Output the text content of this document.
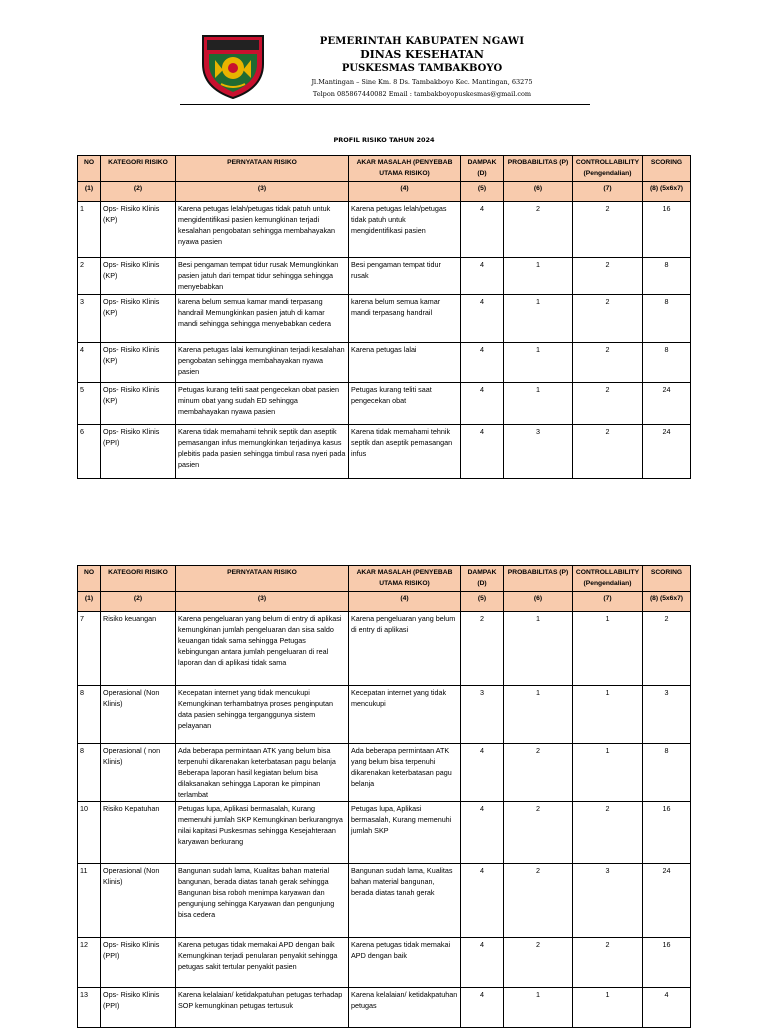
PEMERINTAH KABUPATEN NGAWI
DINAS KESEHATAN
PUSKESMAS TAMBAKBOYO
Jl.Mantingan – Sine Km. 8 Ds. Tambakboyo Kec. Mantingan, 63275
Telpon 085867440082 Email : tambakboyopuskesmas@gmail.com
PROFIL RISIKO TAHUN 2024
NO	KATEGORI RISIKO	PERNYATAAN RISIKO	AKAR MASALAH (PENYEBAB UTAMA RISIKO)	DAMPAK (D)	PROBABILITAS (P)	CONTROLLABILITY (Pengendalian)	SCORING
(1)	(2)	(3)	(4)	(5)	(6)	(7)	(8) (5x6x7)
1	Ops- Risiko Klinis (KP)	Karena petugas lelah/petugas tidak patuh untuk mengidentifikasi pasien kemungkinan terjadi kesalahan pengobatan sehingga membahayakan nyawa pasien	Karena petugas lelah/petugas tidak patuh untuk mengidentifikasi pasien	4	2	2	16
2	Ops- Risiko Klinis (KP)	Besi pengaman tempat tidur rusak Memungkinkan pasien jatuh dari tempat tidur sehingga sehingga menyebabkan	Besi pengaman tempat tidur rusak	4	1	2	8
3	Ops- Risiko Klinis (KP)	karena belum semua kamar mandi terpasang handrail Memungkinkan pasien jatuh di kamar mandi sehingga sehingga menyebabkan cedera	karena belum semua kamar mandi terpasang handrail	4	1	2	8
4	Ops- Risiko Klinis (KP)	Karena petugas lalai kemungkinan terjadi kesalahan pengobatan sehingga membahayakan nyawa pasien	Karena petugas lalai	4	1	2	8
5	Ops- Risiko Klinis (KP)	Petugas kurang teliti saat pengecekan obat pasien minum obat yang sudah ED sehingga membahayakan nyawa pasien	Petugas kurang teliti saat pengecekan obat	4	1	2	24
6	Ops- Risiko Klinis (PPI)	Karena tidak memahami tehnik septik dan aseptik pemasangan infus memungkinkan terjadinya kasus plebitis pada pasien sehingga timbul rasa nyeri pada pasien	Karena tidak memahami tehnik septik dan aseptik pemasangan infus	4	3	2	24
NO	KATEGORI RISIKO	PERNYATAAN RISIKO	AKAR MASALAH (PENYEBAB UTAMA RISIKO)	DAMPAK (D)	PROBABILITAS (P)	CONTROLLABILITY (Pengendalian)	SCORING
(1)	(2)	(3)	(4)	(5)	(6)	(7)	(8) (5x6x7)
7	Risiko keuangan	Karena pengeluaran yang belum di entry di aplikasi kemungkinan jumlah pengeluaran dan sisa saldo keuangan tidak sama sehingga Petugas kebingungan antara jumlah pengeluaran di real laporan dan di aplikasi tidak sama	Karena pengeluaran yang belum di entry di aplikasi	2	1	1	2
8	Operasional (Non Klinis)	Kecepatan internet yang tidak mencukupi Kemungkinan terhambatnya proses penginputan data pasien sehingga terganggunya sistem pelayanan	Kecepatan internet yang tidak mencukupi	3	1	1	3
8	Operasional ( non Klinis)	Ada beberapa permintaan ATK yang belum bisa terpenuhi dikarenakan keterbatasan pagu belanja Beberapa laporan hasil kegiatan belum bisa dilaksanakan sehingga Laporan ke pimpinan terlambat	Ada beberapa permintaan ATK yang belum bisa terpenuhi dikarenakan keterbatasan pagu belanja	4	2	1	8
10	Risiko Kepatuhan	Petugas lupa, Aplikasi bermasalah, Kurang memenuhi jumlah SKP Kemungkinan berkurangnya nilai kapitasi Puskesmas sehingga Kesejahteraan karyawan berkurang	Petugas lupa, Aplikasi bermasalah, Kurang memenuhi jumlah SKP	4	2	2	16
11	Operasional (Non Klinis)	Bangunan sudah lama, Kualitas bahan material bangunan, berada diatas tanah gerak sehingga Bangunan bisa roboh menimpa karyawan dan pengunjung sehingga Karyawan dan pengunjung bisa cedera	Bangunan sudah lama, Kualitas bahan material bangunan, berada diatas tanah gerak	4	2	3	24
12	Ops- Risiko Klinis (PPI)	Karena petugas tidak memakai APD dengan baik Kemungkinan terjadi penularan penyakit sehingga petugas sakit tertular penyakit pasien	Karena petugas tidak memakai APD dengan baik	4	2	2	16
13	Ops- Risiko Klinis (PPI)	Karena kelalaian/ ketidakpatuhan petugas terhadap SOP kemungkinan petugas tertusuk	Karena kelalaian/ ketidakpatuhan petugas	4	1	1	4
